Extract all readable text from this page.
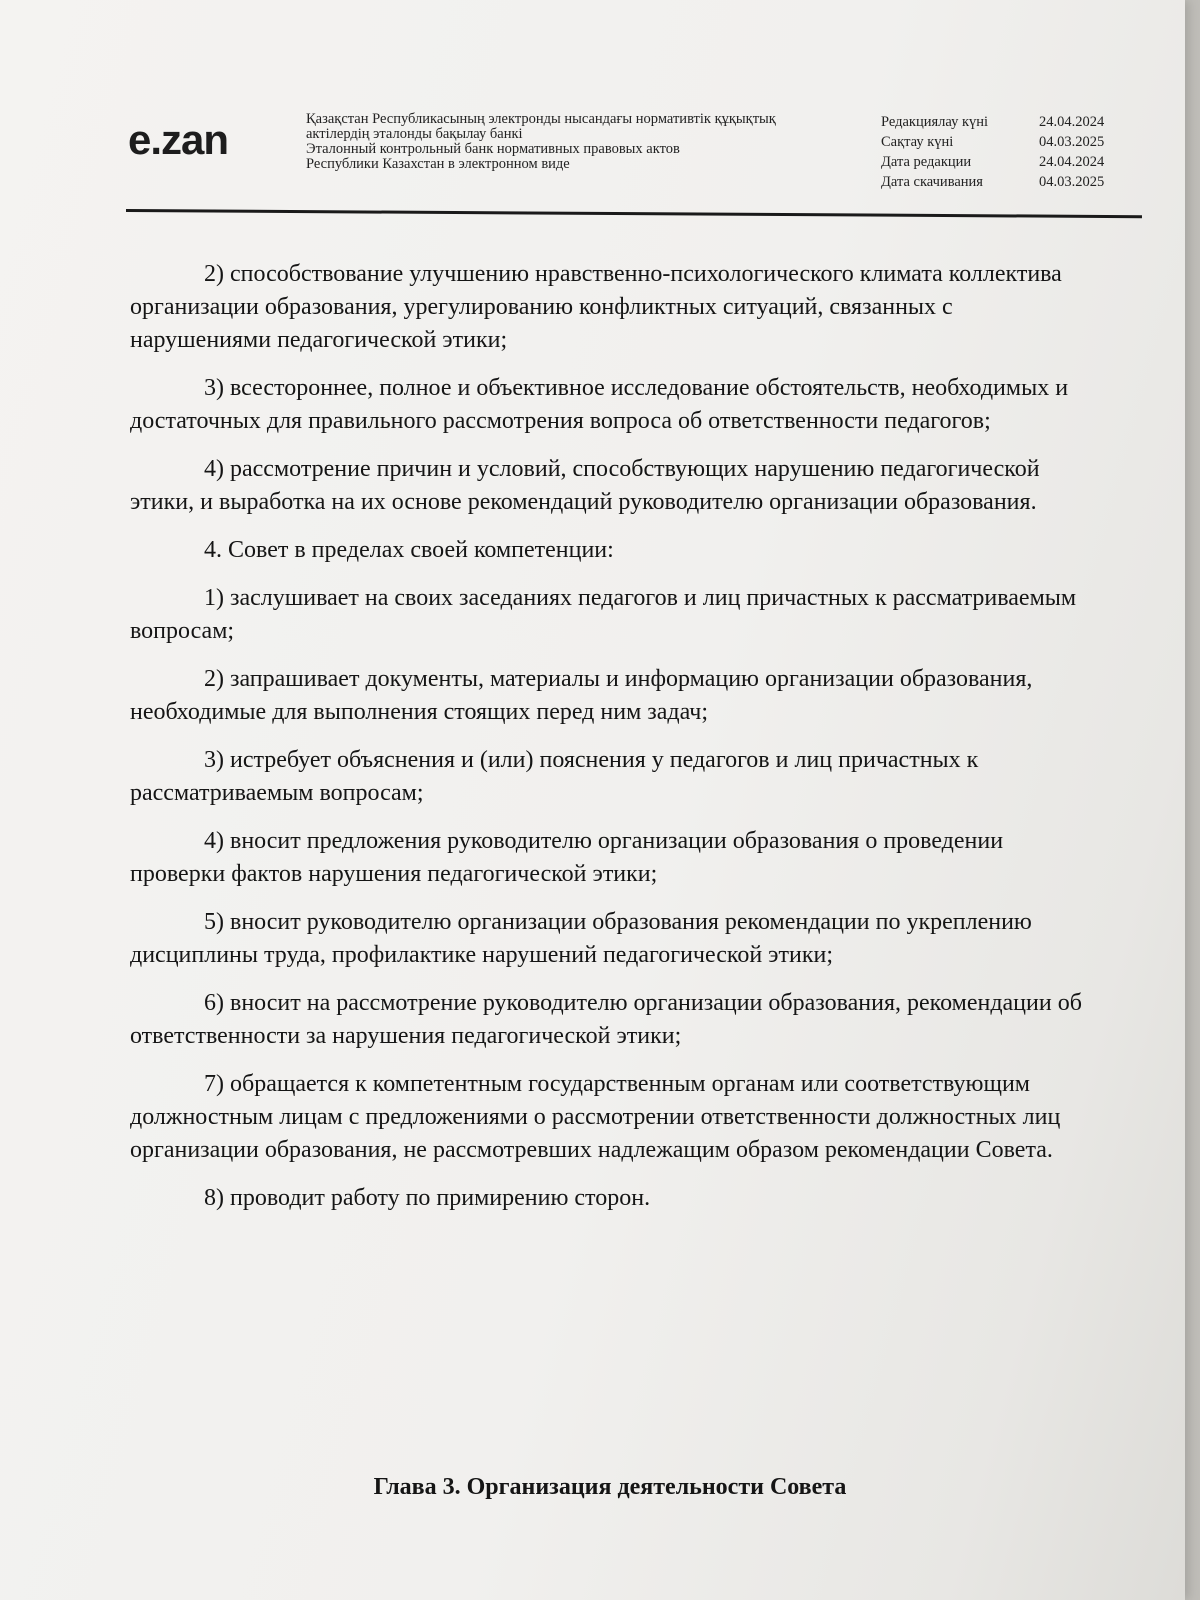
e.zan	Қазақстан Республикасының электронды нысандағы нормативтік құқықтық
актілердің эталонды бақылау банкі
Эталонный контрольный банк нормативных правовых актов
Республики Казахстан в электронном виде
Редакциялау күні	24.04.2024
Сақтау күні	04.03.2025
Дата редакции	24.04.2024
Дата скачивания	04.03.2025

2) способствование улучшению нравственно-психологического климата коллектива организации образования, урегулированию конфликтных ситуаций, связанных с нарушениями педагогической этики;

3) всестороннее, полное и объективное исследование обстоятельств, необходимых и достаточных для правильного рассмотрения вопроса об ответственности педагогов;

4) рассмотрение причин и условий, способствующих нарушению педагогической этики, и выработка на их основе рекомендаций руководителю организации образования.

4. Совет в пределах своей компетенции:

1) заслушивает на своих заседаниях педагогов и лиц причастных к рассматриваемым вопросам;

2) запрашивает документы, материалы и информацию организации образования, необходимые для выполнения стоящих перед ним задач;

3) истребует объяснения и (или) пояснения у педагогов и лиц причастных к рассматриваемым вопросам;

4) вносит предложения руководителю организации образования о проведении проверки фактов нарушения педагогической этики;

5) вносит руководителю организации образования рекомендации по укреплению дисциплины труда, профилактике нарушений педагогической этики;

6) вносит на рассмотрение руководителю организации образования, рекомендации об ответственности за нарушения педагогической этики;

7) обращается к компетентным государственным органам или соответствующим должностным лицам с предложениями о рассмотрении ответственности должностных лиц организации образования, не рассмотревших надлежащим образом рекомендации Совета.

8) проводит работу по примирению сторон.

Глава 3. Организация деятельности Совета
